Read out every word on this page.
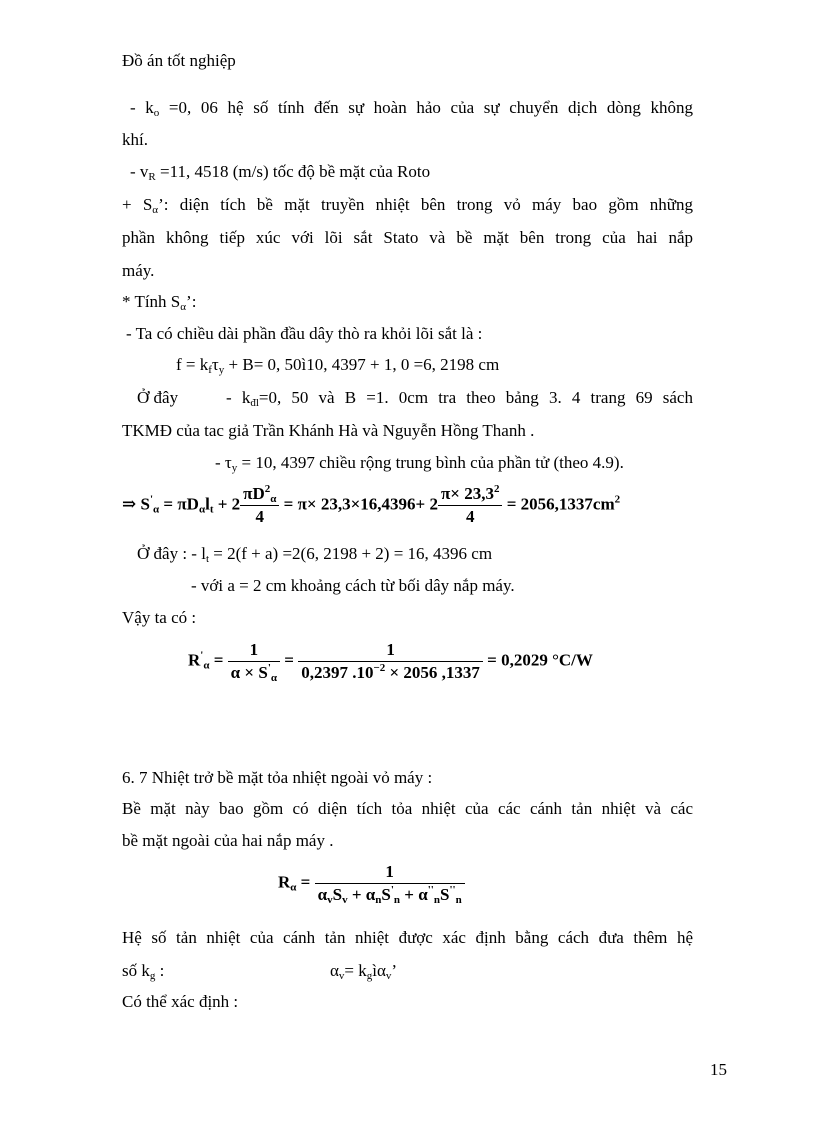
Đồ án tốt nghiệp
- $k_o =0$, 06 hệ số tính đến sự hoàn hảo của sự chuyển dịch dòng không
khí.
- $v_R =11$, 4518 (m/s) tốc độ bề mặt của Roto
+ $S_\alpha$’: diện tích bề mặt truyền nhiệt bên trong vỏ máy bao gồm những
phần không tiếp xúc với lõi sắt Stato và bề mặt bên trong của hai nắp
máy.
* Tính $S_\alpha$’:
- Ta có chiều dài phần đầu dây thò ra khỏi lõi sắt là :
$f = k_f\tau_y + B= 0$, 50ì10, 4397 + 1, 0 =6, 2198 cm
Ở đây	- $k_{đl}=0$, 50 và B =1. 0cm tra theo bảng 3. 4 trang 69 sách
TKMĐ của tac giả Trần Khánh Hà và Nguyễn Hồng Thanh .
- $\tau_y = 10$, 4397 chiều rộng trung bình của phần tử (theo 4.9).
⇒ $S'_\alpha = \pi D_\alpha l_t + 2 \frac{\pi D^2_\alpha}{4} = \pi\times 23,3\times 16,4396+ 2 \frac{\pi\times 23,3^2}{4} = 2056,1337cm^2$
Ở đây : - $l_t = 2(f + a) =2(6$, 2198 + 2) = 16, 4396 cm
- với a = 2 cm khoảng cách từ bối dây nắp máy.
Vậy ta có :
$R'_\alpha = \frac{1}{\alpha \times S'_\alpha} = \frac{1}{0,2397 .10^{-2} \times 2056 ,1337} = 0,2029$ °C/W
6. 7 Nhiệt trở bề mặt tỏa nhiệt ngoài vỏ máy :
Bề mặt này bao gồm có diện tích tỏa nhiệt của các cánh tản nhiệt và các
bề mặt ngoài của hai nắp máy .
$R_\alpha = \frac{1}{\alpha_vS_v + \alpha_nS'_n + \alpha''_nS''_n}$
Hệ số tản nhiệt của cánh tản nhiệt được xác định bằng cách đưa thêm hệ
số $k_g$ :	$\alpha_v=$ $k_gì\alpha_v$’
Có thể xác định :
15
